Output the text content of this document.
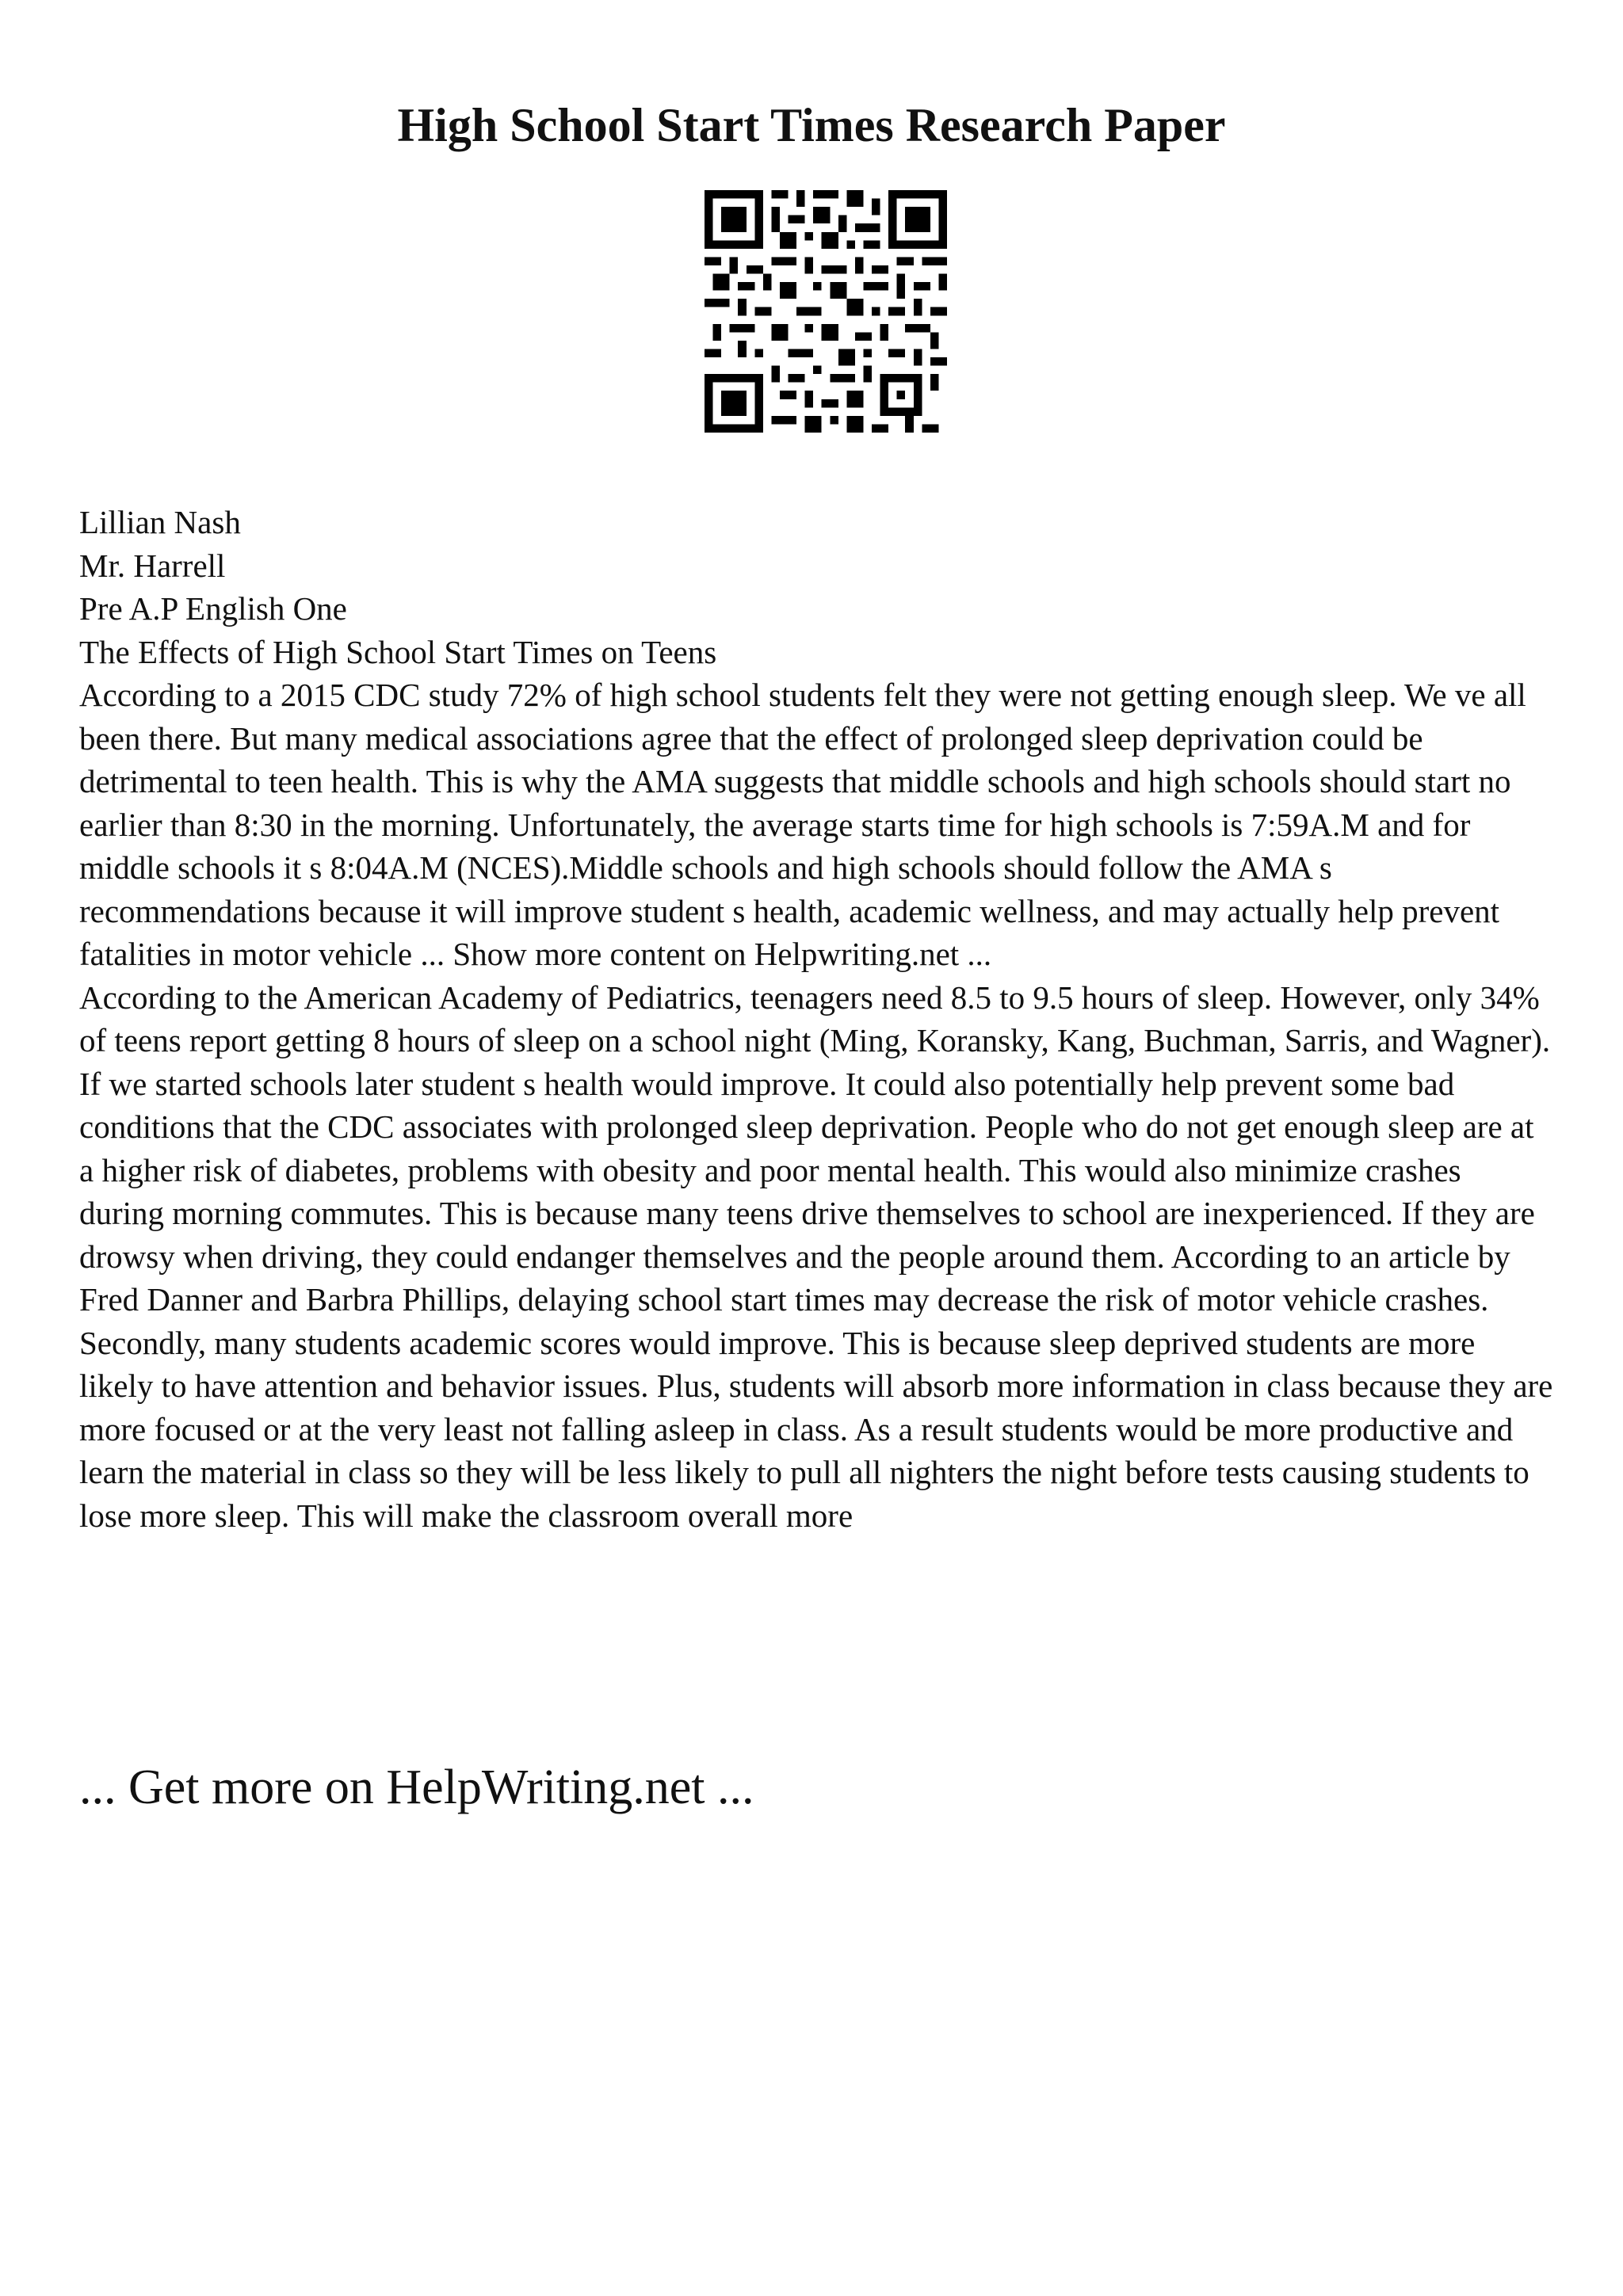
High School Start Times Research Paper
Lillian Nash
Mr. Harrell
Pre A.P English One
The Effects of High School Start Times on Teens

According to a 2015 CDC study 72% of high school students felt they were not getting enough sleep. We ve all been there. But many medical associations agree that the effect of prolonged sleep deprivation could be detrimental to teen health. This is why the AMA suggests that middle schools and high schools should start no earlier than 8:30 in the morning. Unfortunately, the average starts time for high schools is 7:59A.M and for middle schools it s 8:04A.M (NCES).Middle schools and high schools should follow the AMA s recommendations because it will improve student s health, academic wellness, and may actually help prevent fatalities in motor vehicle ... Show more content on Helpwriting.net ...

According to the American Academy of Pediatrics, teenagers need 8.5 to 9.5 hours of sleep. However, only 34% of teens report getting 8 hours of sleep on a school night (Ming, Koransky, Kang, Buchman, Sarris, and Wagner). If we started schools later student s health would improve. It could also potentially help prevent some bad conditions that the CDC associates with prolonged sleep deprivation. People who do not get enough sleep are at a higher risk of diabetes, problems with obesity and poor mental health. This would also minimize crashes during morning commutes. This is because many teens drive themselves to school are inexperienced. If they are drowsy when driving, they could endanger themselves and the people around them. According to an article by Fred Danner and Barbra Phillips, delaying school start times may decrease the risk of motor vehicle crashes.

Secondly, many students academic scores would improve. This is because sleep deprived students are more likely to have attention and behavior issues. Plus, students will absorb more information in class because they are more focused or at the very least not falling asleep in class. As a result students would be more productive and learn the material in class so they will be less likely to pull all nighters the night before tests causing students to lose more sleep. This will make the classroom overall more

... Get more on HelpWriting.net ...
